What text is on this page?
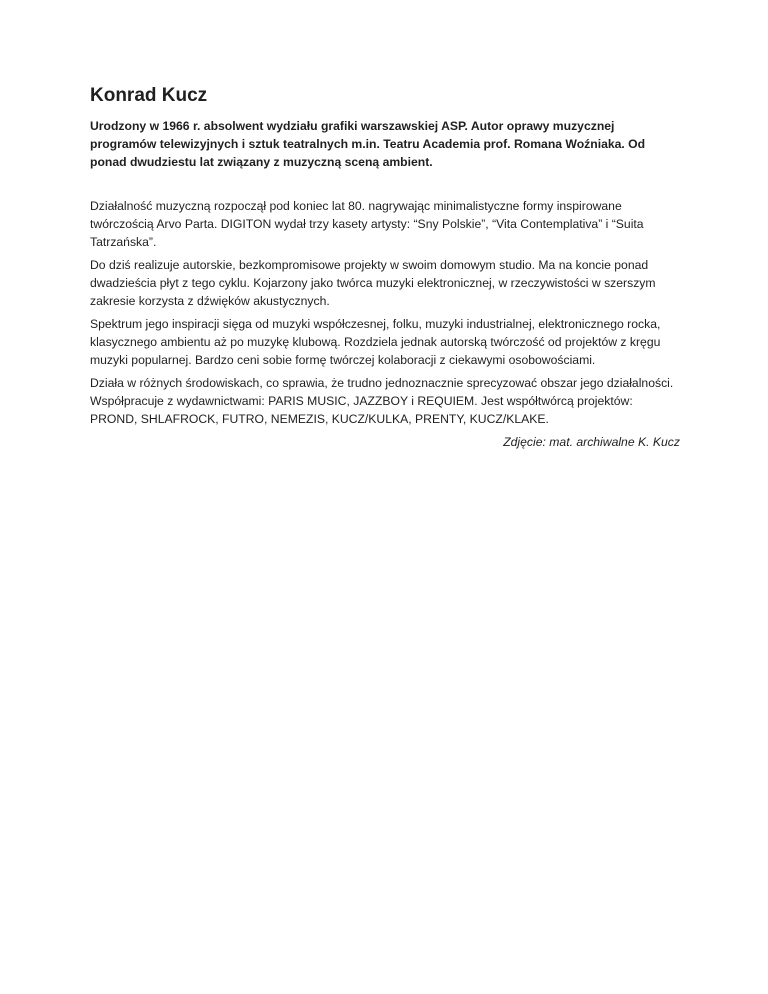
Konrad Kucz

Urodzony w 1966 r. absolwent wydziału grafiki warszawskiej ASP. Autor oprawy muzycznej programów telewizyjnych i sztuk teatralnych m.in. Teatru Academia prof. Romana Woźniaka. Od ponad dwudziestu lat związany z muzyczną sceną ambient.

Działalność muzyczną rozpoczął pod koniec lat 80. nagrywając minimalistyczne formy inspirowane twórczością Arvo Parta. DIGITON wydał trzy kasety artysty: “Sny Polskie”, “Vita Contemplativa” i “Suita Tatrzańska”.

Do dziś realizuje autorskie, bezkompromisowe projekty w swoim domowym studio. Ma na koncie ponad dwadzieścia płyt z tego cyklu. Kojarzony jako twórca muzyki elektronicznej, w rzeczywistości w szerszym zakresie korzysta z dźwięków akustycznych.

Spektrum jego inspiracji sięga od muzyki współczesnej, folku, muzyki industrialnej, elektronicznego rocka, klasycznego ambientu aż po muzykę klubową. Rozdziela jednak autorską twórczość od projektów z kręgu muzyki popularnej. Bardzo ceni sobie formę twórczej kolaboracji z ciekawymi osobowościami.

Działa w różnych środowiskach, co sprawia, że trudno jednoznacznie sprecyzować obszar jego działalności. Współpracuje z wydawnictwami: PARIS MUSIC, JAZZBOY i REQUIEM. Jest współtwórcą projektów: PROND, SHLAFROCK, FUTRO, NEMEZIS, KUCZ/KULKA, PRENTY, KUCZ/KLAKE.

Zdjęcie: mat. archiwalne K. Kucz
